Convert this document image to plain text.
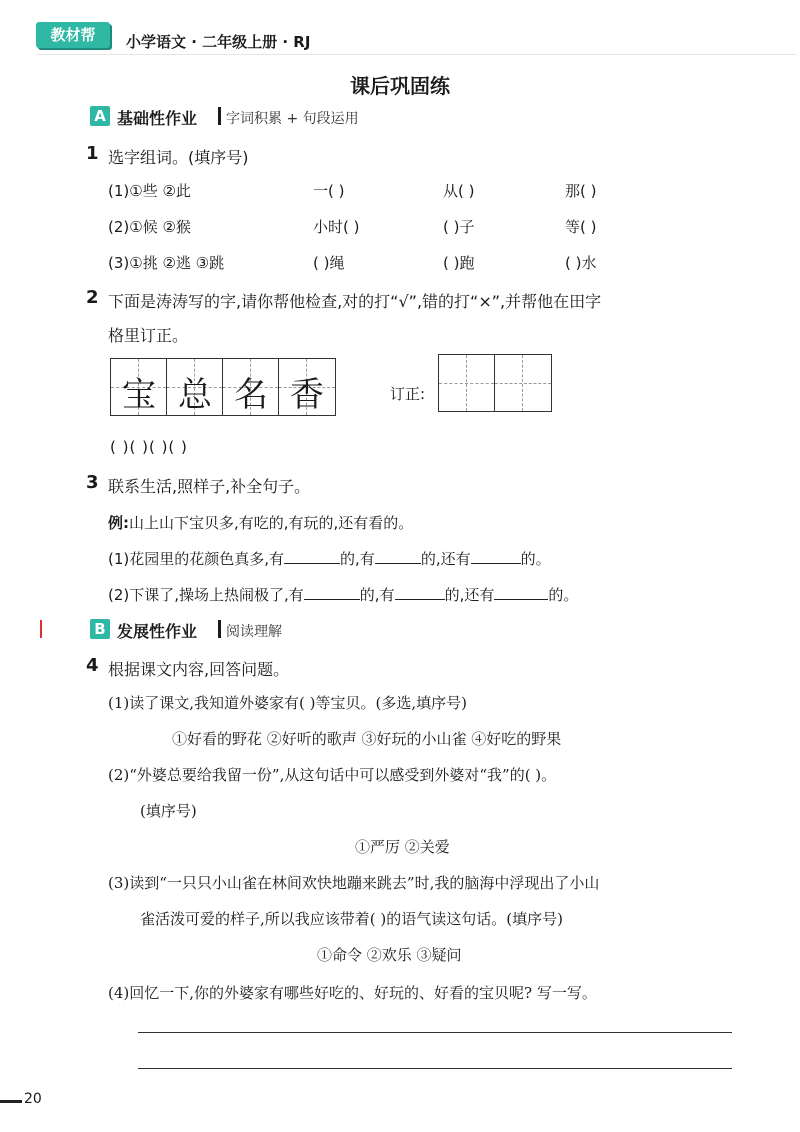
教材帮	小学语文 · 二年级上册 · RJ
课后巩固练
A 基础性作业 字词积累 + 句段运用
1 选字组词。(填序号)
(1)①些 ②此	一( )	从( )	那( )
(2)①候 ②猴	小时( )	( )子	等( )
(3)①挑 ②逃 ③跳	( )绳	( )跑	( )水
2 下面是涛涛写的字,请你帮他检查,对的打“√”,错的打“×”,并帮他在田字
格里订正。
宝 总 名 香	订正:
( )( )( )( )
3 联系生活,照样子,补全句子。
例:山上山下宝贝多,有吃的,有玩的,还有看的。
(1)花园里的花颜色真多,有	的,有	的,还有	的。
(2)下课了,操场上热闹极了,有	的,有	的,还有	的。
B 发展性作业 阅读理解
4 根据课文内容,回答问题。
(1)读了课文,我知道外婆家有( )等宝贝。(多选,填序号)
①好看的野花 ②好听的歌声 ③好玩的小山雀 ④好吃的野果
(2)“外婆总要给我留一份”,从这句话中可以感受到外婆对“我”的( )。
(填序号)
①严厉 ②关爱
(3)读到“一只只小山雀在林间欢快地蹦来跳去”时,我的脑海中浮现出了小山
雀活泼可爱的样子,所以我应该带着( )的语气读这句话。(填序号)
①命令 ②欢乐 ③疑问
(4)回忆一下,你的外婆家有哪些好吃的、好玩的、好看的宝贝呢? 写一写。
20
